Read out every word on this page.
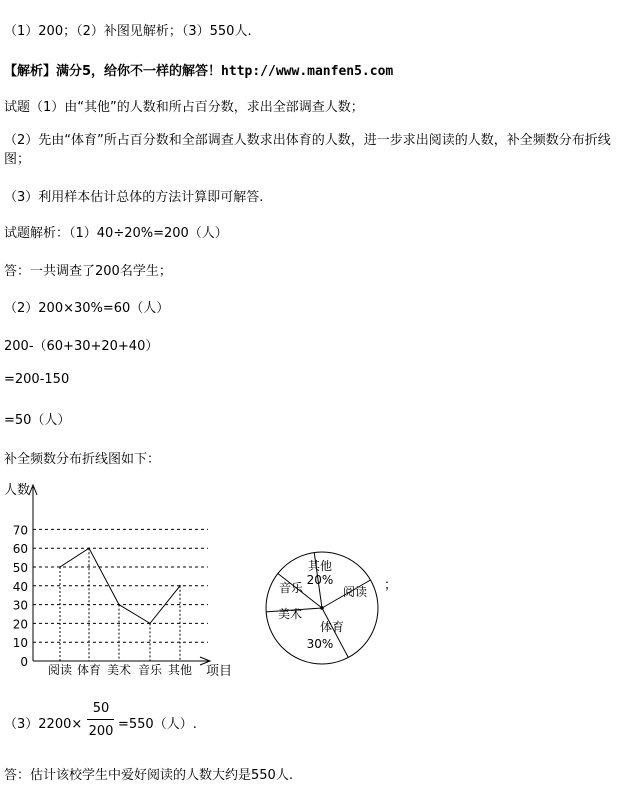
（1）200；（2）补图见解析；（3）550人.
【解析】满分5，给你不一样的解答！http://www.manfen5.com
试题（1）由“其他”的人数和所占百分数，求出全部调查人数；
（2）先由“体育”所占百分数和全部调查人数求出体育的人数，进一步求出阅读的人数，补全频数分布折线图；
（3）利用样本估计总体的方法计算即可解答.
试题解析：（1）40÷20%=200（人）
答：一共调查了200名学生；
（2）200×30%=60（人）
200-（60+30+20+40）
=200-150
=50（人）
补全频数分布折线图如下：
人数
项目
0
10
20
30
40
50
60
70
阅读 体育 美术 音乐 其他
其他
20%
阅读
体育
30%
美术
音乐	；
（3）2200×
50
200 =550（人）.
答：估计该校学生中爱好阅读的人数大约是550人.
